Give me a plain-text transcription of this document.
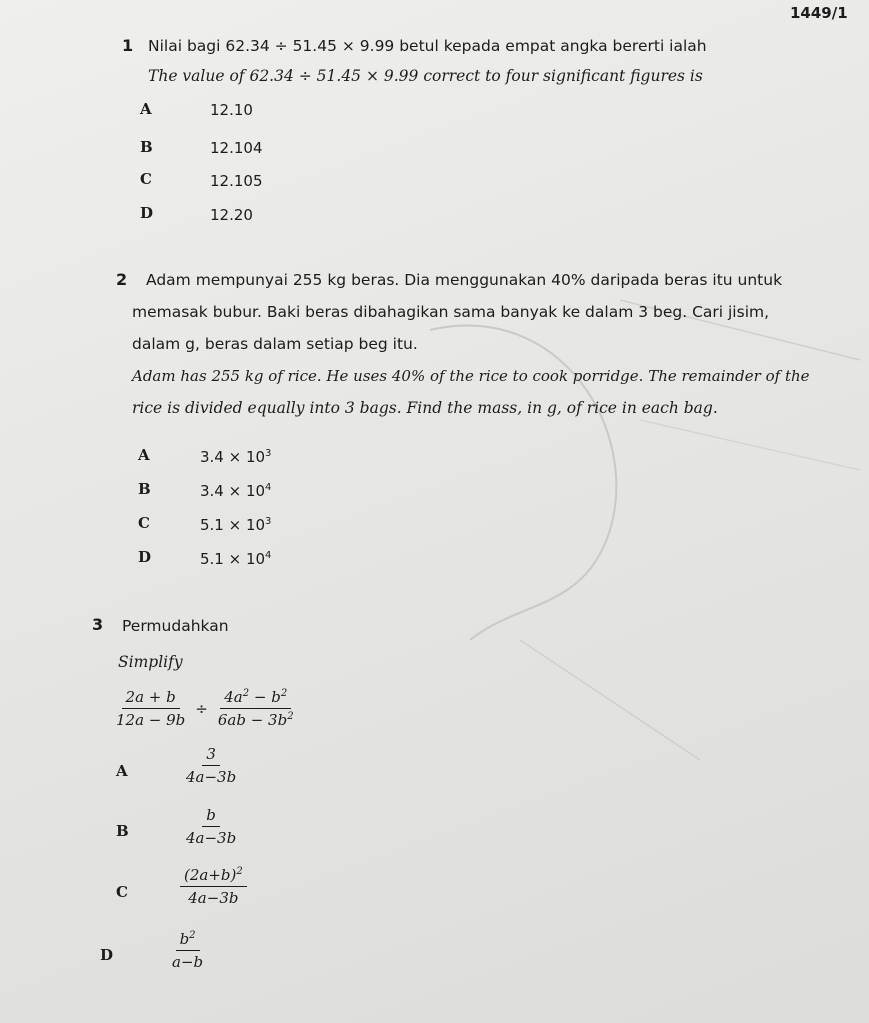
1449/1
1 Nilai bagi 62.34 ÷ 51.45 × 9.99 betul kepada empat angka bererti ialah
The value of 62.34 ÷ 51.45 × 9.99 correct to four significant figures is
A	12.10
B	12.104
C	12.105
D	12.20
2 Adam mempunyai 255 kg beras. Dia menggunakan 40% daripada beras itu untuk
memasak bubur. Baki beras dibahagikan sama banyak ke dalam 3 beg. Cari jisim,
dalam g, beras dalam setiap beg itu.
Adam has 255 kg of rice. He uses 40% of the rice to cook porridge. The remainder of the
rice is divided equally into 3 bags. Find the mass, in g, of rice in each bag.
A	$3.4 \times 10^3$
B	$3.4 \times 10^4$
C	$5.1 \times 10^3$
D	$5.1 \times 10^4$
3 Permudahkan
Simplify
$\frac{2a + b}{12a - 9b} \div \frac{4a^2 - b^2}{6ab - 3b^2}$
A	$\frac{3}{4a-3b}$
B	$\frac{b}{4a-3b}$
C	$\frac{(2a+b)^2}{4a-3b}$
D	$\frac{b^2}{a-b}$
